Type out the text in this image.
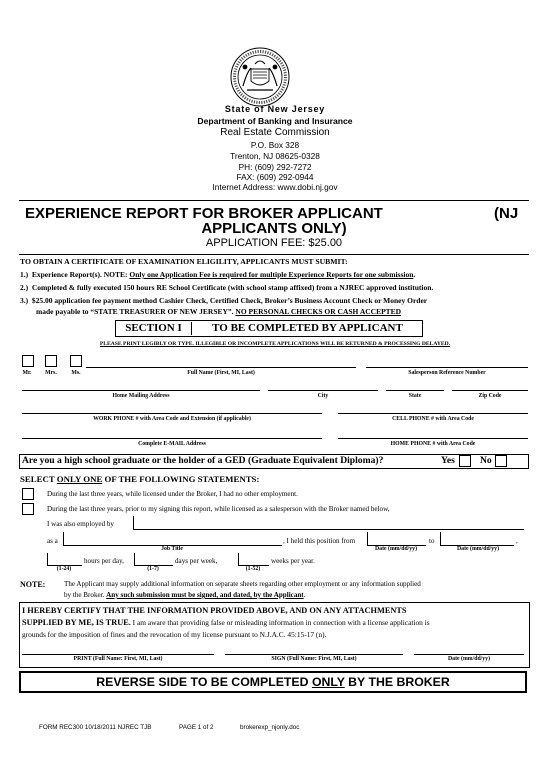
State of New Jersey
Department of Banking and Insurance
Real Estate Commission
P.O. Box 328
Trenton, NJ 08625-0328
PH: (609) 292-7272
FAX: (609) 292-0944
Internet Address: www.dobi.nj.gov
EXPERIENCE REPORT FOR BROKER APPLICANT	(NJ
APPLICANTS ONLY)
APPLICATION FEE: $25.00
TO OBTAIN A CERTIFICATE OF EXAMINATION ELIGILITY, APPLICANTS MUST SUBMIT:
1.) Experience Report(s). NOTE: Only one Application Fee is required for multiple Experience Reports for one submission.
2.) Completed & fully executed 150 hours RE School Certificate (with school stamp affixed) from a NJREC approved institution.
3.) $25.00 application fee payment method Cashier Check, Certified Check, Broker’s Business Account Check or Money Order
made payable to “STATE TREASURER OF NEW JERSEY”. NO PERSONAL CHECKS OR CASH ACCEPTED
SECTION I	TO BE COMPLETED BY APPLICANT
PLEASE PRINT LEGIBLY OR TYPE. ILLEGIBLE OR INCOMPLETE APPLICATIONS WILL BE RETURNED & PROCESSING DELAYED.
Mr.	Mrs.	Ms.	Full Name (First, MI, Last)	Salesperson Reference Number
Home Mailing Address	City	State	Zip Code
WORK PHONE # with Area Code and Extension (if applicable)	CELL PHONE # with Area Code
Complete E-MAIL Address	HOME PHONE # with Area Code
Are you a high school graduate or the holder of a GED (Graduate Equivalent Diploma)?	Yes	No
SELECT ONLY ONE OF THE FOLLOWING STATEMENTS:
During the last three years, while licensed under the Broker, I had no other employment.
During the last three years, prior to my signing this report, while licensed as a salesperson with the Broker named below,
I was also employed by
as a	, I held this position from	to	,
Job Title	Date (mm/dd/yy)	Date (mm/dd/yy)
hours per day,	days per week,	weeks per year.
(1-24)	(1-7)	(1-52)
NOTE:	The Applicant may supply additional information on separate sheets regarding other employment or any information supplied
by the Broker. Any such submission must be signed, and dated, by the Applicant.
I HEREBY CERTIFY THAT THE INFORMATION PROVIDED ABOVE, AND ON ANY ATTACHMENTS
SUPPLIED BY ME, IS TRUE. I am aware that providing false or misleading information in connection with a license application is
grounds for the imposition of fines and the revocation of my license pursuant to N.J.A.C. 45:15-17 (n).
PRINT (Full Name: First, MI, Last)	SIGN (Full Name: First, MI, Last)	Date (mm/dd/yy)
REVERSE SIDE TO BE COMPLETED ONLY BY THE BROKER
FORM REC300 10/18/2011 NJREC TJB	PAGE 1 of 2	brokerexp_njonly.doc
